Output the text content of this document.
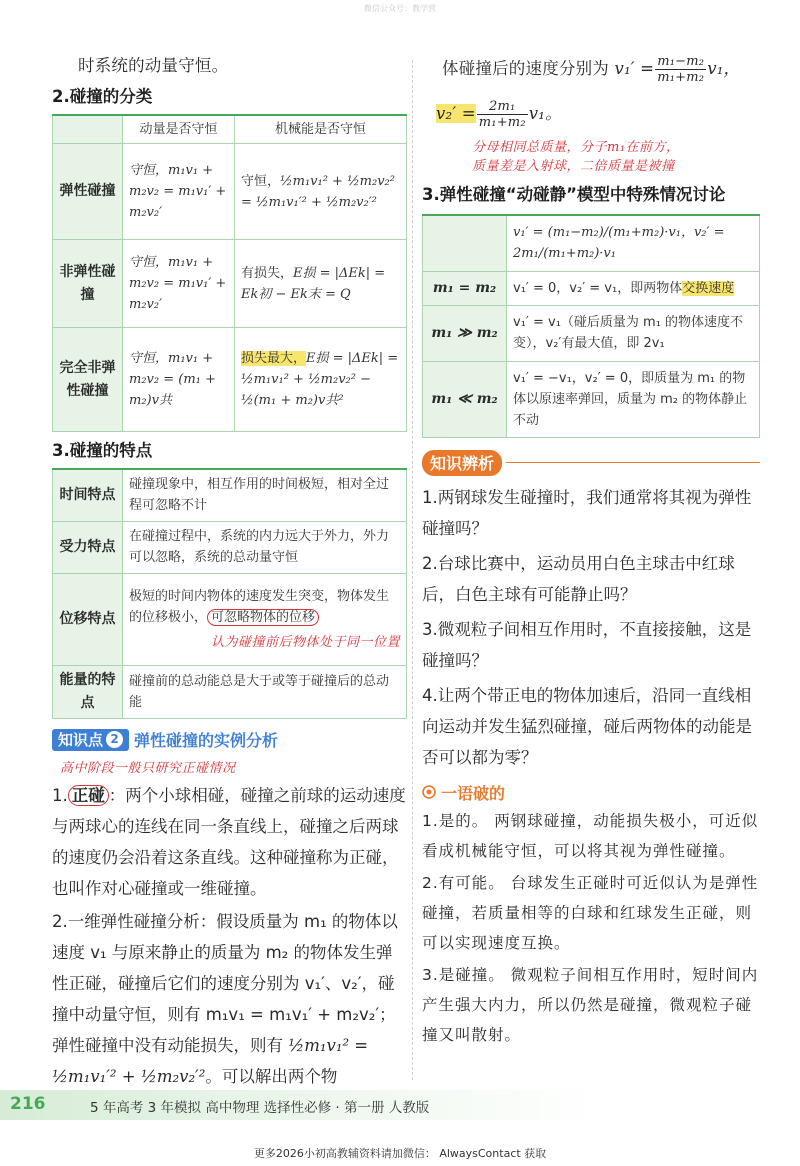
微信公众号：教学营
时系统的动量守恒。
2.碰撞的分类
	动量是否守恒	机械能是否守恒
弹性碰撞	守恒，m₁v₁ + m₂v₂ = m₁v₁′ + m₂v₂′	守恒，½m₁v₁² + ½m₂v₂² = ½m₁v₁′² + ½m₂v₂′²
非弹性碰撞	守恒，m₁v₁ + m₂v₂ = m₁v₁′ + m₂v₂′	有损失，E损 = |ΔEk| = Ek初 − Ek末 = Q
完全非弹性碰撞	守恒，m₁v₁ + m₂v₂ = (m₁ + m₂)v共	损失最大，E损 = |ΔEk| = ½m₁v₁² + ½m₂v₂² − ½(m₁ + m₂)v共²
3.碰撞的特点
时间特点	碰撞现象中，相互作用的时间极短，相对全过程可忽略不计
受力特点	在碰撞过程中，系统的内力远大于外力，外力可以忽略，系统的总动量守恒
位移特点	极短的时间内物体的速度发生突变，物体发生的位移极小， 可忽略物体的位移
认为碰撞前后物体处于同一位置

能量的特点	碰撞前的总动能总是大于或等于碰撞后的总动能
知识点 2 弹性碰撞的实例分析
高中阶段一般只研究正碰情况
1. 正碰 ：两个小球相碰，碰撞之前球的运动速度与两球心的连线在同一条直线上，碰撞之后两球的速度仍会沿着这条直线。这种碰撞称为正碰，也叫作对心碰撞或一维碰撞。
2.一维弹性碰撞分析：假设质量为 m₁ 的物体以速度 v₁ 与原来静止的质量为 m₂ 的物体发生弹性正碰，碰撞后它们的速度分别为 v₁′、v₂′，碰撞中动量守恒，则有 m₁v₁ = m₁v₁′ + m₂v₂′；弹性碰撞中没有动能损失，则有 ½m₁v₁² = ½m₁v₁′² + ½m₂v₂′²。可以解出两个物
体碰撞后的速度分别为 $v_1' = \frac{\text{m₁−m₂}}{\text{m₁+m₂}} v_1$，
$v_2' = \frac{\text{2m₁}}{\text{m₁+m₂}} v_1$。
分母相同总质量，分子m₁在前方，
质量差是入射球，二倍质量是被撞
3.弹性碰撞“动碰静”模型中特殊情况讨论
	v₁′ = (m₁−m₂)/(m₁+m₂)·v₁，v₂′ = 2m₁/(m₁+m₂)·v₁
m₁ = m₂	v₁′ = 0，v₂′ = v₁，即两物体交换速度
m₁ ≫ m₂	v₁′ = v₁（碰后质量为 m₁ 的物体速度不变），v₂′有最大值，即 2v₁
m₁ ≪ m₂	v₁′ = −v₁，v₂′ = 0，即质量为 m₁ 的物体以原速率弹回，质量为 m₂ 的物体静止不动
知识辨析
1.两钢球发生碰撞时，我们通常将其视为弹性碰撞吗？
2.台球比赛中，运动员用白色主球击中红球后，白色主球有可能静止吗？
3.微观粒子间相互作用时，不直接接触，这是碰撞吗？
4.让两个带正电的物体加速后，沿同一直线相向运动并发生猛烈碰撞，碰后两物体的动能是否可以都为零？
一语破的
1.是的。 两钢球碰撞，动能损失极小，可近似看成机械能守恒，可以将其视为弹性碰撞。
2.有可能。 台球发生正碰时可近似认为是弹性碰撞，若质量相等的白球和红球发生正碰，则可以实现速度互换。
3.是碰撞。 微观粒子间相互作用时，短时间内产生强大内力，所以仍然是碰撞，微观粒子碰撞又叫散射。
216	5 年高考 3 年模拟 高中物理 选择性必修 · 第一册 人教版
更多2026小初高教辅资料请加微信： AlwaysContact 获取
